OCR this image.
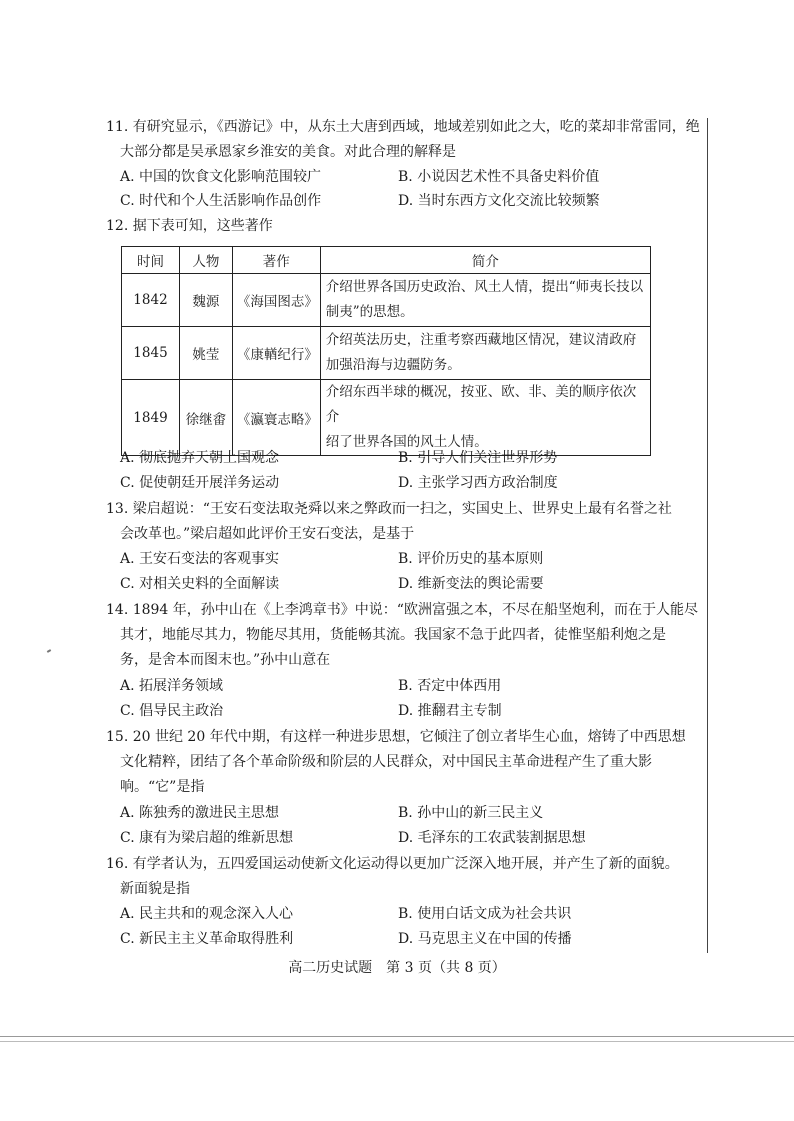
11. 有研究显示，《西游记》中，从东土大唐到西域，地域差别如此之大，吃的菜却非常雷同，绝
大部分都是吴承恩家乡淮安的美食。对此合理的解释是
A. 中国的饮食文化影响范围较广	B. 小说因艺术性不具备史料价值
C. 时代和个人生活影响作品创作	D. 当时东西方文化交流比较频繁
12. 据下表可知，这些著作
时间	人物	著作	简介
1842	魏源	《海国图志》	介绍世界各国历史政治、风土人情，提出“师夷长技以
制夷”的思想。

1845	姚莹	《康輶纪行》	介绍英法历史，注重考察西藏地区情况，建议清政府
加强沿海与边疆防务。

1849	徐继畬	《瀛寰志略》	介绍东西半球的概况，按亚、欧、非、美的顺序依次介
绍了世界各国的风土人情。
A. 彻底抛弃天朝上国观念	B. 引导人们关注世界形势
C. 促使朝廷开展洋务运动	D. 主张学习西方政治制度
13. 梁启超说：“王安石变法取尧舜以来之弊政而一扫之，实国史上、世界史上最有名誉之社
会改革也。”梁启超如此评价王安石变法，是基于
A. 王安石变法的客观事实	B. 评价历史的基本原则
C. 对相关史料的全面解读	D. 维新变法的舆论需要
14. 1894 年，孙中山在《上李鸿章书》中说：“欧洲富强之本，不尽在船坚炮利，而在于人能尽
其才，地能尽其力，物能尽其用，货能畅其流。我国家不急于此四者，徒惟坚船利炮之是
务，是舍本而图末也。”孙中山意在
A. 拓展洋务领域	B. 否定中体西用
C. 倡导民主政治	D. 推翻君主专制
15. 20 世纪 20 年代中期，有这样一种进步思想，它倾注了创立者毕生心血，熔铸了中西思想
文化精粹，团结了各个革命阶级和阶层的人民群众，对中国民主革命进程产生了重大影
响。“它”是指
A. 陈独秀的激进民主思想	B. 孙中山的新三民主义
C. 康有为梁启超的维新思想	D. 毛泽东的工农武装割据思想
16. 有学者认为，五四爱国运动使新文化运动得以更加广泛深入地开展，并产生了新的面貌。
新面貌是指
A. 民主共和的观念深入人心	B. 使用白话文成为社会共识
C. 新民主主义革命取得胜利	D. 马克思主义在中国的传播
高二历史试题　第 3 页（共 8 页）
